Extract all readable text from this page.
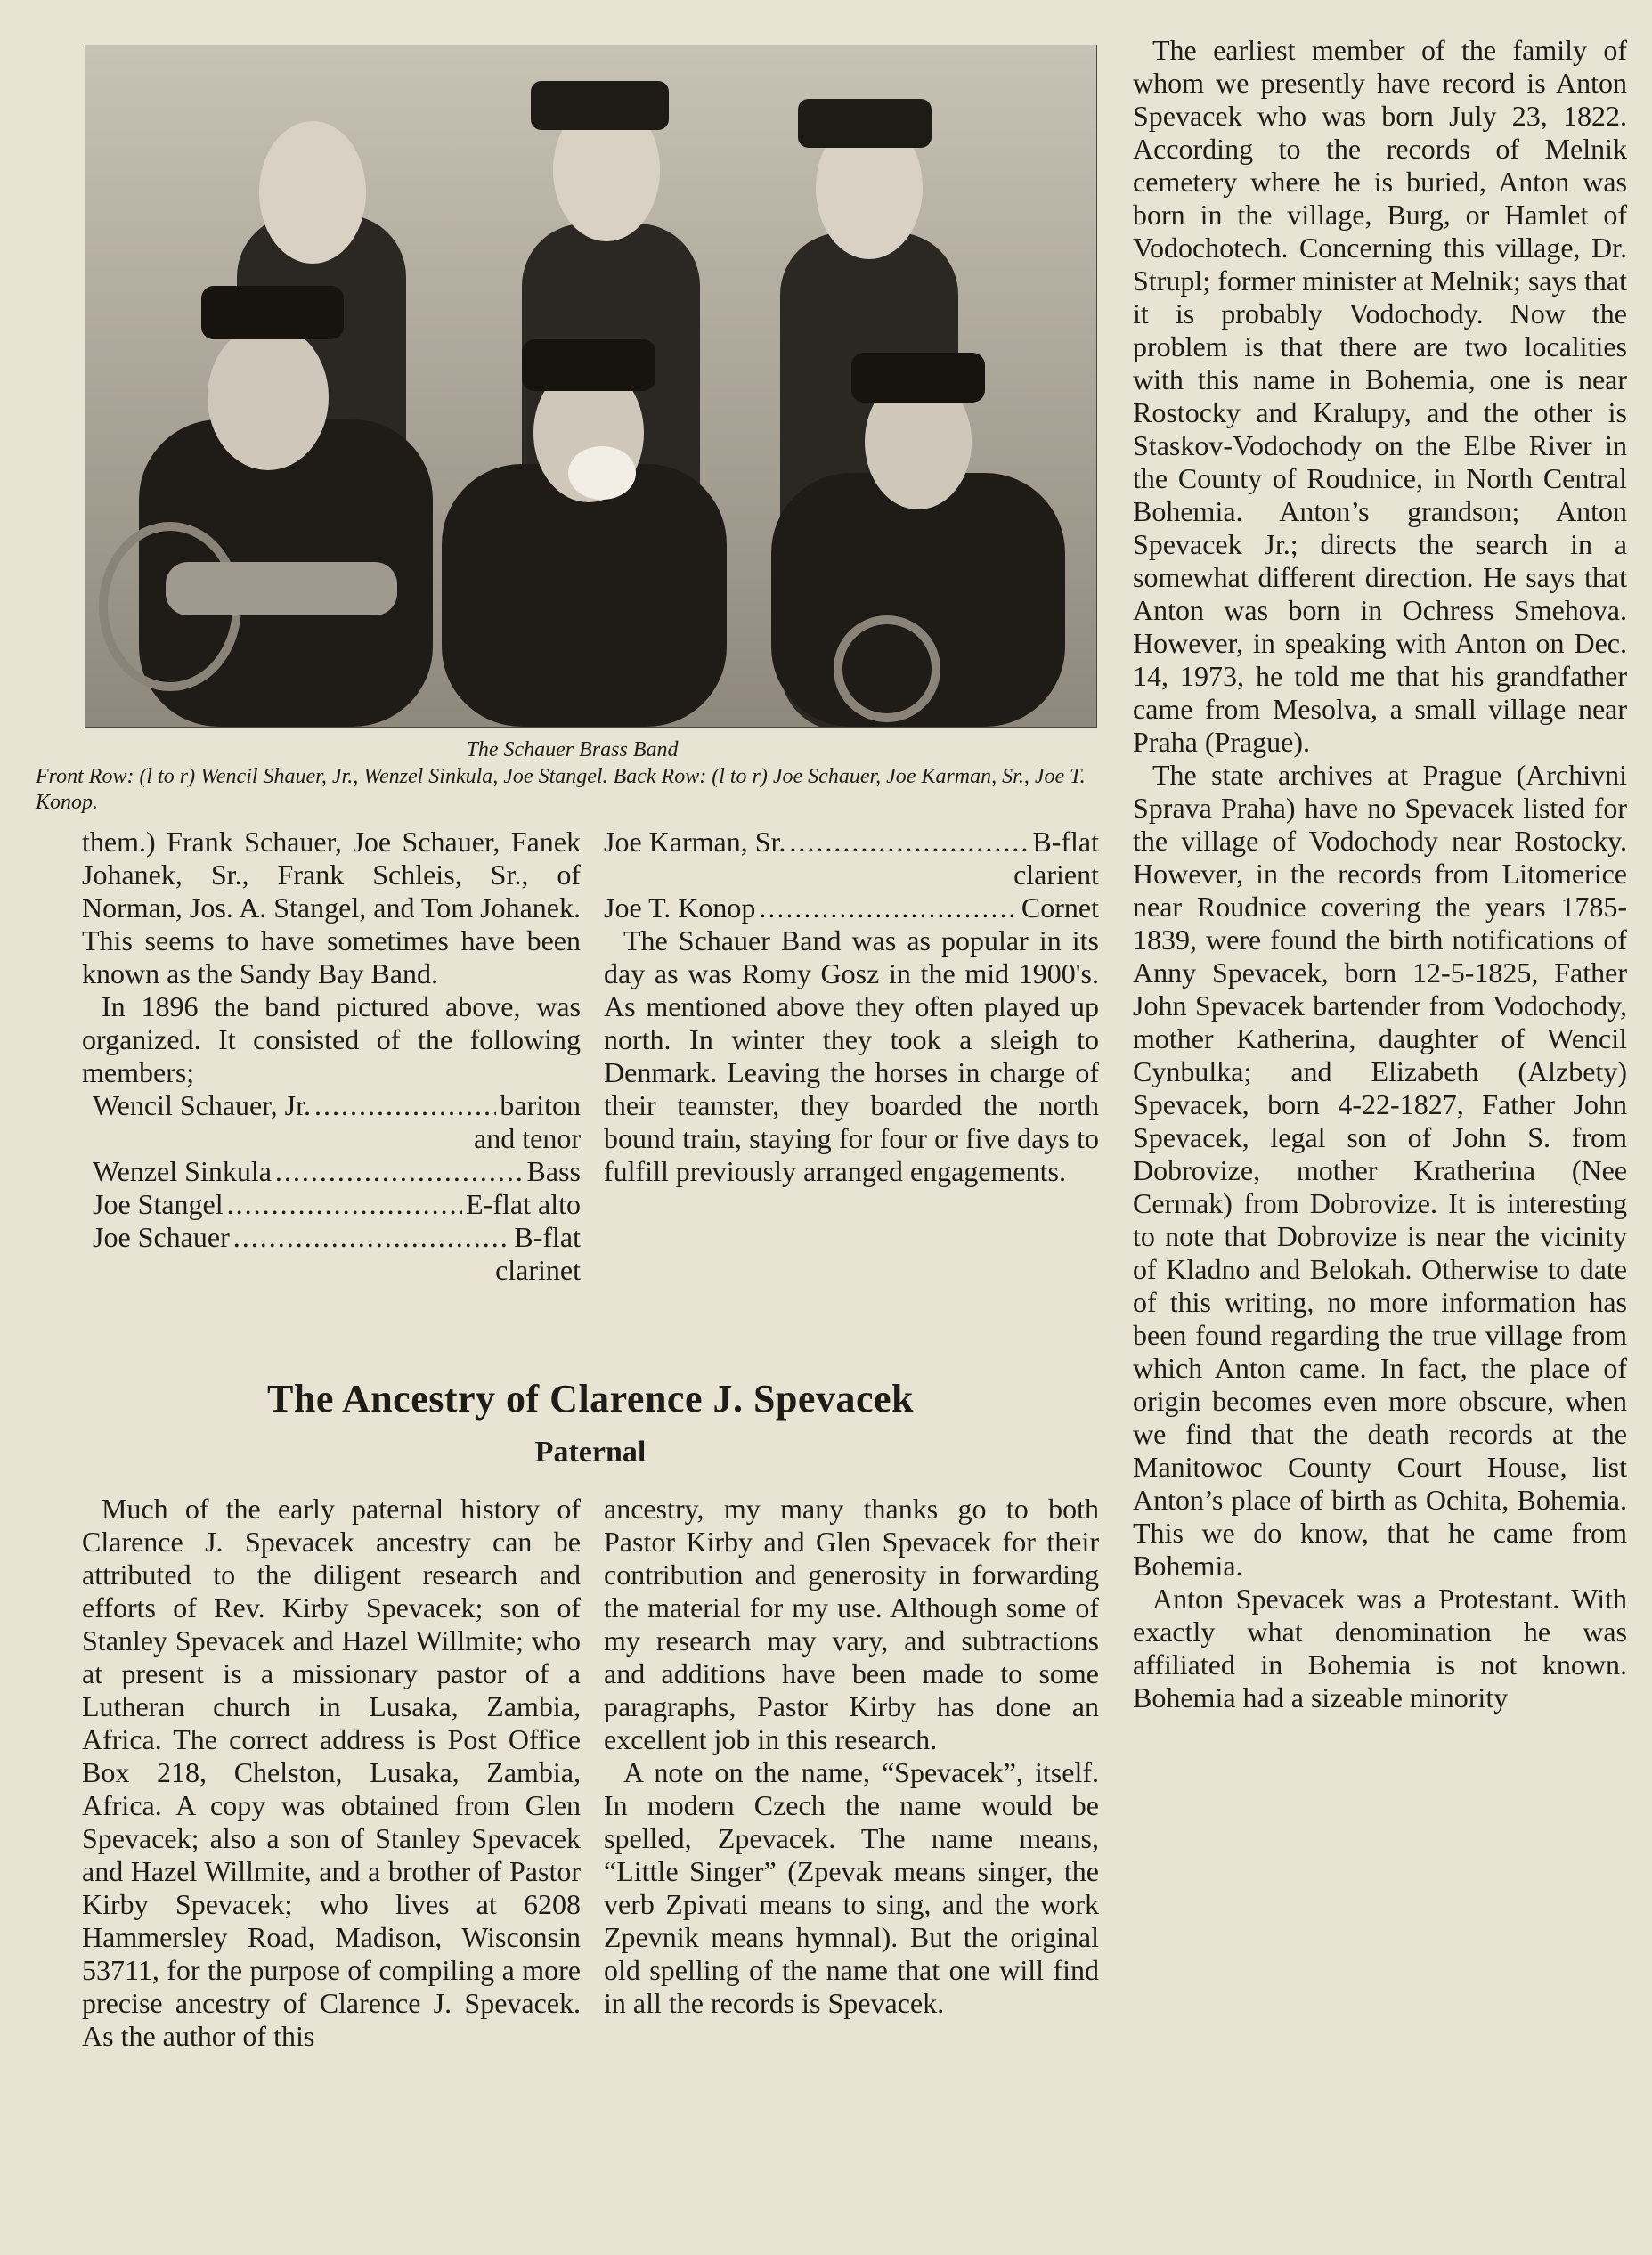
The Schauer Brass Band
Front Row: (l to r) Wencil Shauer, Jr., Wenzel Sinkula, Joe Stangel. Back Row: (l to r) Joe Schauer, Joe Karman, Sr., Joe T. Konop.

them.) Frank Schauer, Joe Schauer, Fanek Johanek, Sr., Frank Schleis, Sr., of Norman, Jos. A. Stangel, and Tom Johanek. This seems to have sometimes have been known as the Sandy Bay Band.

In 1896 the band pictured above, was organized. It consisted of the following members;

Wencil Schauer, Jr. .....	bariton
and tenor
Wenzel Sinkula .....	Bass
Joe Stangel .....	E-flat alto
Joe Schauer .....	B-flat
clarinet
Joe Karman, Sr. .....	B-flat
clarient
Joe T. Konop .....	Cornet

The Schauer Band was as popular in its day as was Romy Gosz in the mid 1900's. As mentioned above they often played up north. In winter they took a sleigh to Denmark. Leaving the horses in charge of their teamster, they boarded the north bound train, staying for four or five days to fulfill previously arranged engagements.

The Ancestry of Clarence J. Spevacek
Paternal

Much of the early paternal history of Clarence J. Spevacek ancestry can be attributed to the diligent research and efforts of Rev. Kirby Spevacek; son of Stanley Spevacek and Hazel Willmite; who at present is a missionary pastor of a Lutheran church in Lusaka, Zambia, Africa. The correct address is Post Office Box 218, Chelston, Lusaka, Zambia, Africa. A copy was obtained from Glen Spevacek; also a son of Stanley Spevacek and Hazel Willmite, and a brother of Pastor Kirby Spevacek; who lives at 6208 Hammersley Road, Madison, Wisconsin 53711, for the purpose of compiling a more precise ancestry of Clarence J. Spevacek. As the author of this

ancestry, my many thanks go to both Pastor Kirby and Glen Spevacek for their contribution and generosity in forwarding the material for my use. Although some of my research may vary, and subtractions and additions have been made to some paragraphs, Pastor Kirby has done an excellent job in this research.

A note on the name, “Spevacek”, itself. In modern Czech the name would be spelled, Zpevacek. The name means, “Little Singer” (Zpevak means singer, the verb Zpivati means to sing, and the work Zpevnik means hymnal). But the original old spelling of the name that one will find in all the records is Spevacek.

The earliest member of the family of whom we presently have record is Anton Spevacek who was born July 23, 1822. According to the records of Melnik cemetery where he is buried, Anton was born in the village, Burg, or Hamlet of Vodochotech. Concerning this village, Dr. Strupl; former minister at Melnik; says that it is probably Vodochody. Now the problem is that there are two localities with this name in Bohemia, one is near Rostocky and Kralupy, and the other is Staskov-Vodochody on the Elbe River in the County of Roudnice, in North Central Bohemia. Anton’s grandson; Anton Spevacek Jr.; directs the search in a somewhat different direction. He says that Anton was born in Ochress Smehova. However, in speaking with Anton on Dec. 14, 1973, he told me that his grandfather came from Mesolva, a small village near Praha (Prague).

The state archives at Prague (Archivni Sprava Praha) have no Spevacek listed for the village of Vodochody near Rostocky. However, in the records from Litomerice near Roudnice covering the years 1785-1839, were found the birth notifications of Anny Spevacek, born 12-5-1825, Father John Spevacek bartender from Vodochody, mother Katherina, daughter of Wencil Cynbulka; and Elizabeth (Alzbety) Spevacek, born 4-22-1827, Father John Spevacek, legal son of John S. from Dobrovize, mother Kratherina (Nee Cermak) from Dobrovize. It is interesting to note that Dobrovize is near the vicinity of Kladno and Belokah. Otherwise to date of this writing, no more information has been found regarding the true village from which Anton came. In fact, the place of origin becomes even more obscure, when we find that the death records at the Manitowoc County Court House, list Anton’s place of birth as Ochita, Bohemia. This we do know, that he came from Bohemia.

Anton Spevacek was a Protestant. With exactly what denomination he was affiliated in Bohemia is not known. Bohemia had a sizeable minority
